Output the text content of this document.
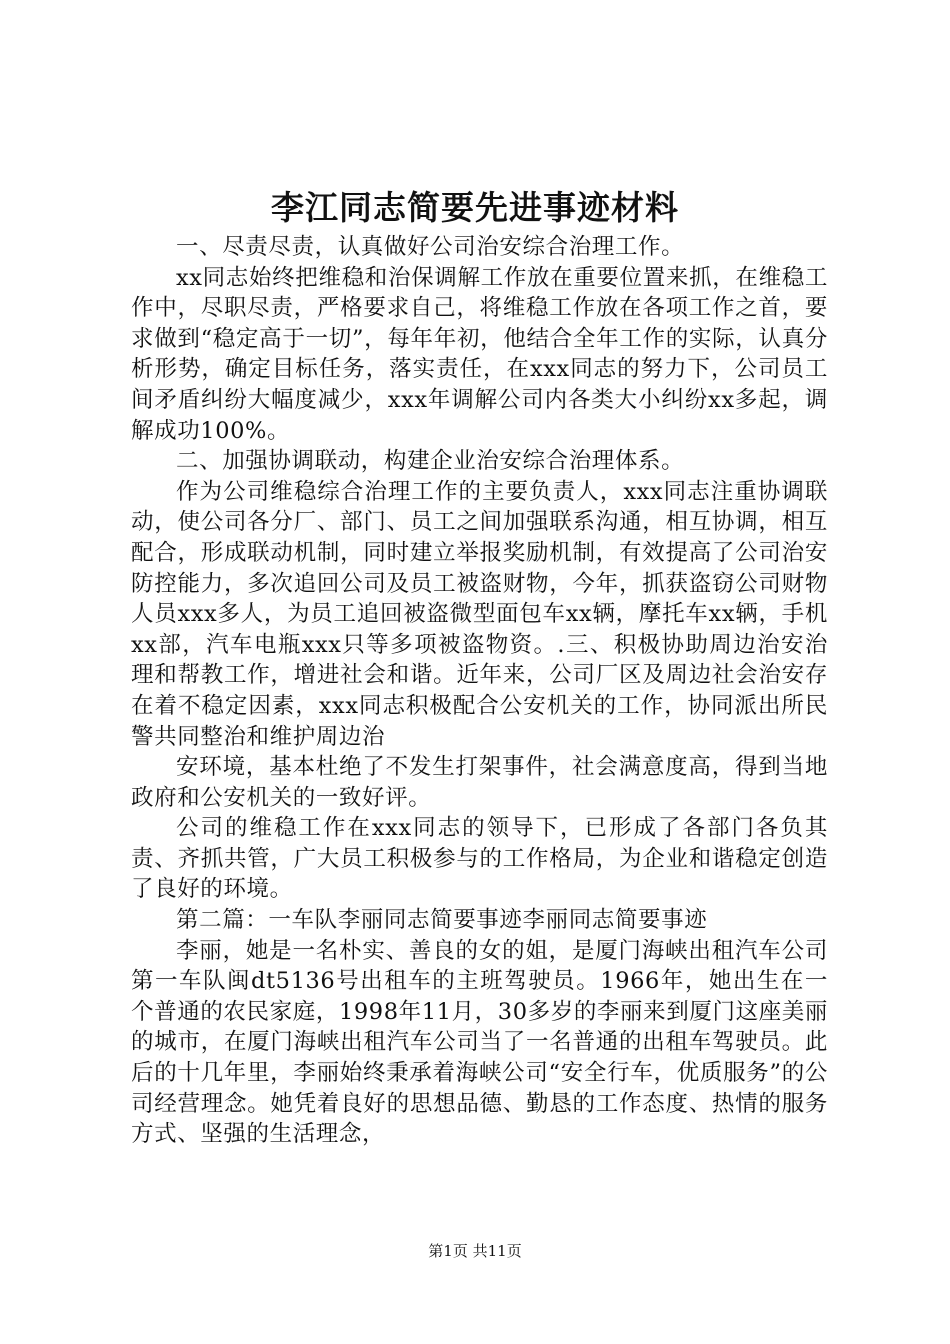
李江同志简要先进事迹材料

一、尽责尽责，认真做好公司治安综合治理工作。

xx同志始终把维稳和治保调解工作放在重要位置来抓，在维稳工作中，尽职尽责，严格要求自己，将维稳工作放在各项工作之首，要求做到“稳定高于一切”，每年年初，他结合全年工作的实际，认真分析形势，确定目标任务，落实责任，在xxx同志的努力下，公司员工间矛盾纠纷大幅度减少，xxx年调解公司内各类大小纠纷xx多起，调解成功100%。

二、加强协调联动，构建企业治安综合治理体系。

作为公司维稳综合治理工作的主要负责人，xxx同志注重协调联动，使公司各分厂、部门、员工之间加强联系沟通，相互协调，相互配合，形成联动机制，同时建立举报奖励机制，有效提高了公司治安防控能力，多次追回公司及员工被盗财物，今年，抓获盗窃公司财物人员xxx多人，为员工追回被盗微型面包车xx辆，摩托车xx辆，手机xx部，汽车电瓶xxx只等多项被盗物资。.三、积极协助周边治安治理和帮教工作，增进社会和谐。近年来，公司厂区及周边社会治安存在着不稳定因素，xxx同志积极配合公安机关的工作，协同派出所民警共同整治和维护周边治

安环境，基本杜绝了不发生打架事件，社会满意度高，得到当地政府和公安机关的一致好评。

公司的维稳工作在xxx同志的领导下，已形成了各部门各负其责、齐抓共管，广大员工积极参与的工作格局，为企业和谐稳定创造了良好的环境。

第二篇：一车队李丽同志简要事迹李丽同志简要事迹

李丽，她是一名朴实、善良的女的姐，是厦门海峡出租汽车公司第一车队闽dt5136号出租车的主班驾驶员。1966年，她出生在一个普通的农民家庭，1998年11月，30多岁的李丽来到厦门这座美丽的城市，在厦门海峡出租汽车公司当了一名普通的出租车驾驶员。此后的十几年里，李丽始终秉承着海峡公司“安全行车，优质服务”的公司经营理念。她凭着良好的思想品德、勤恳的工作态度、热情的服务方式、坚强的生活理念，

第1页 共11页
